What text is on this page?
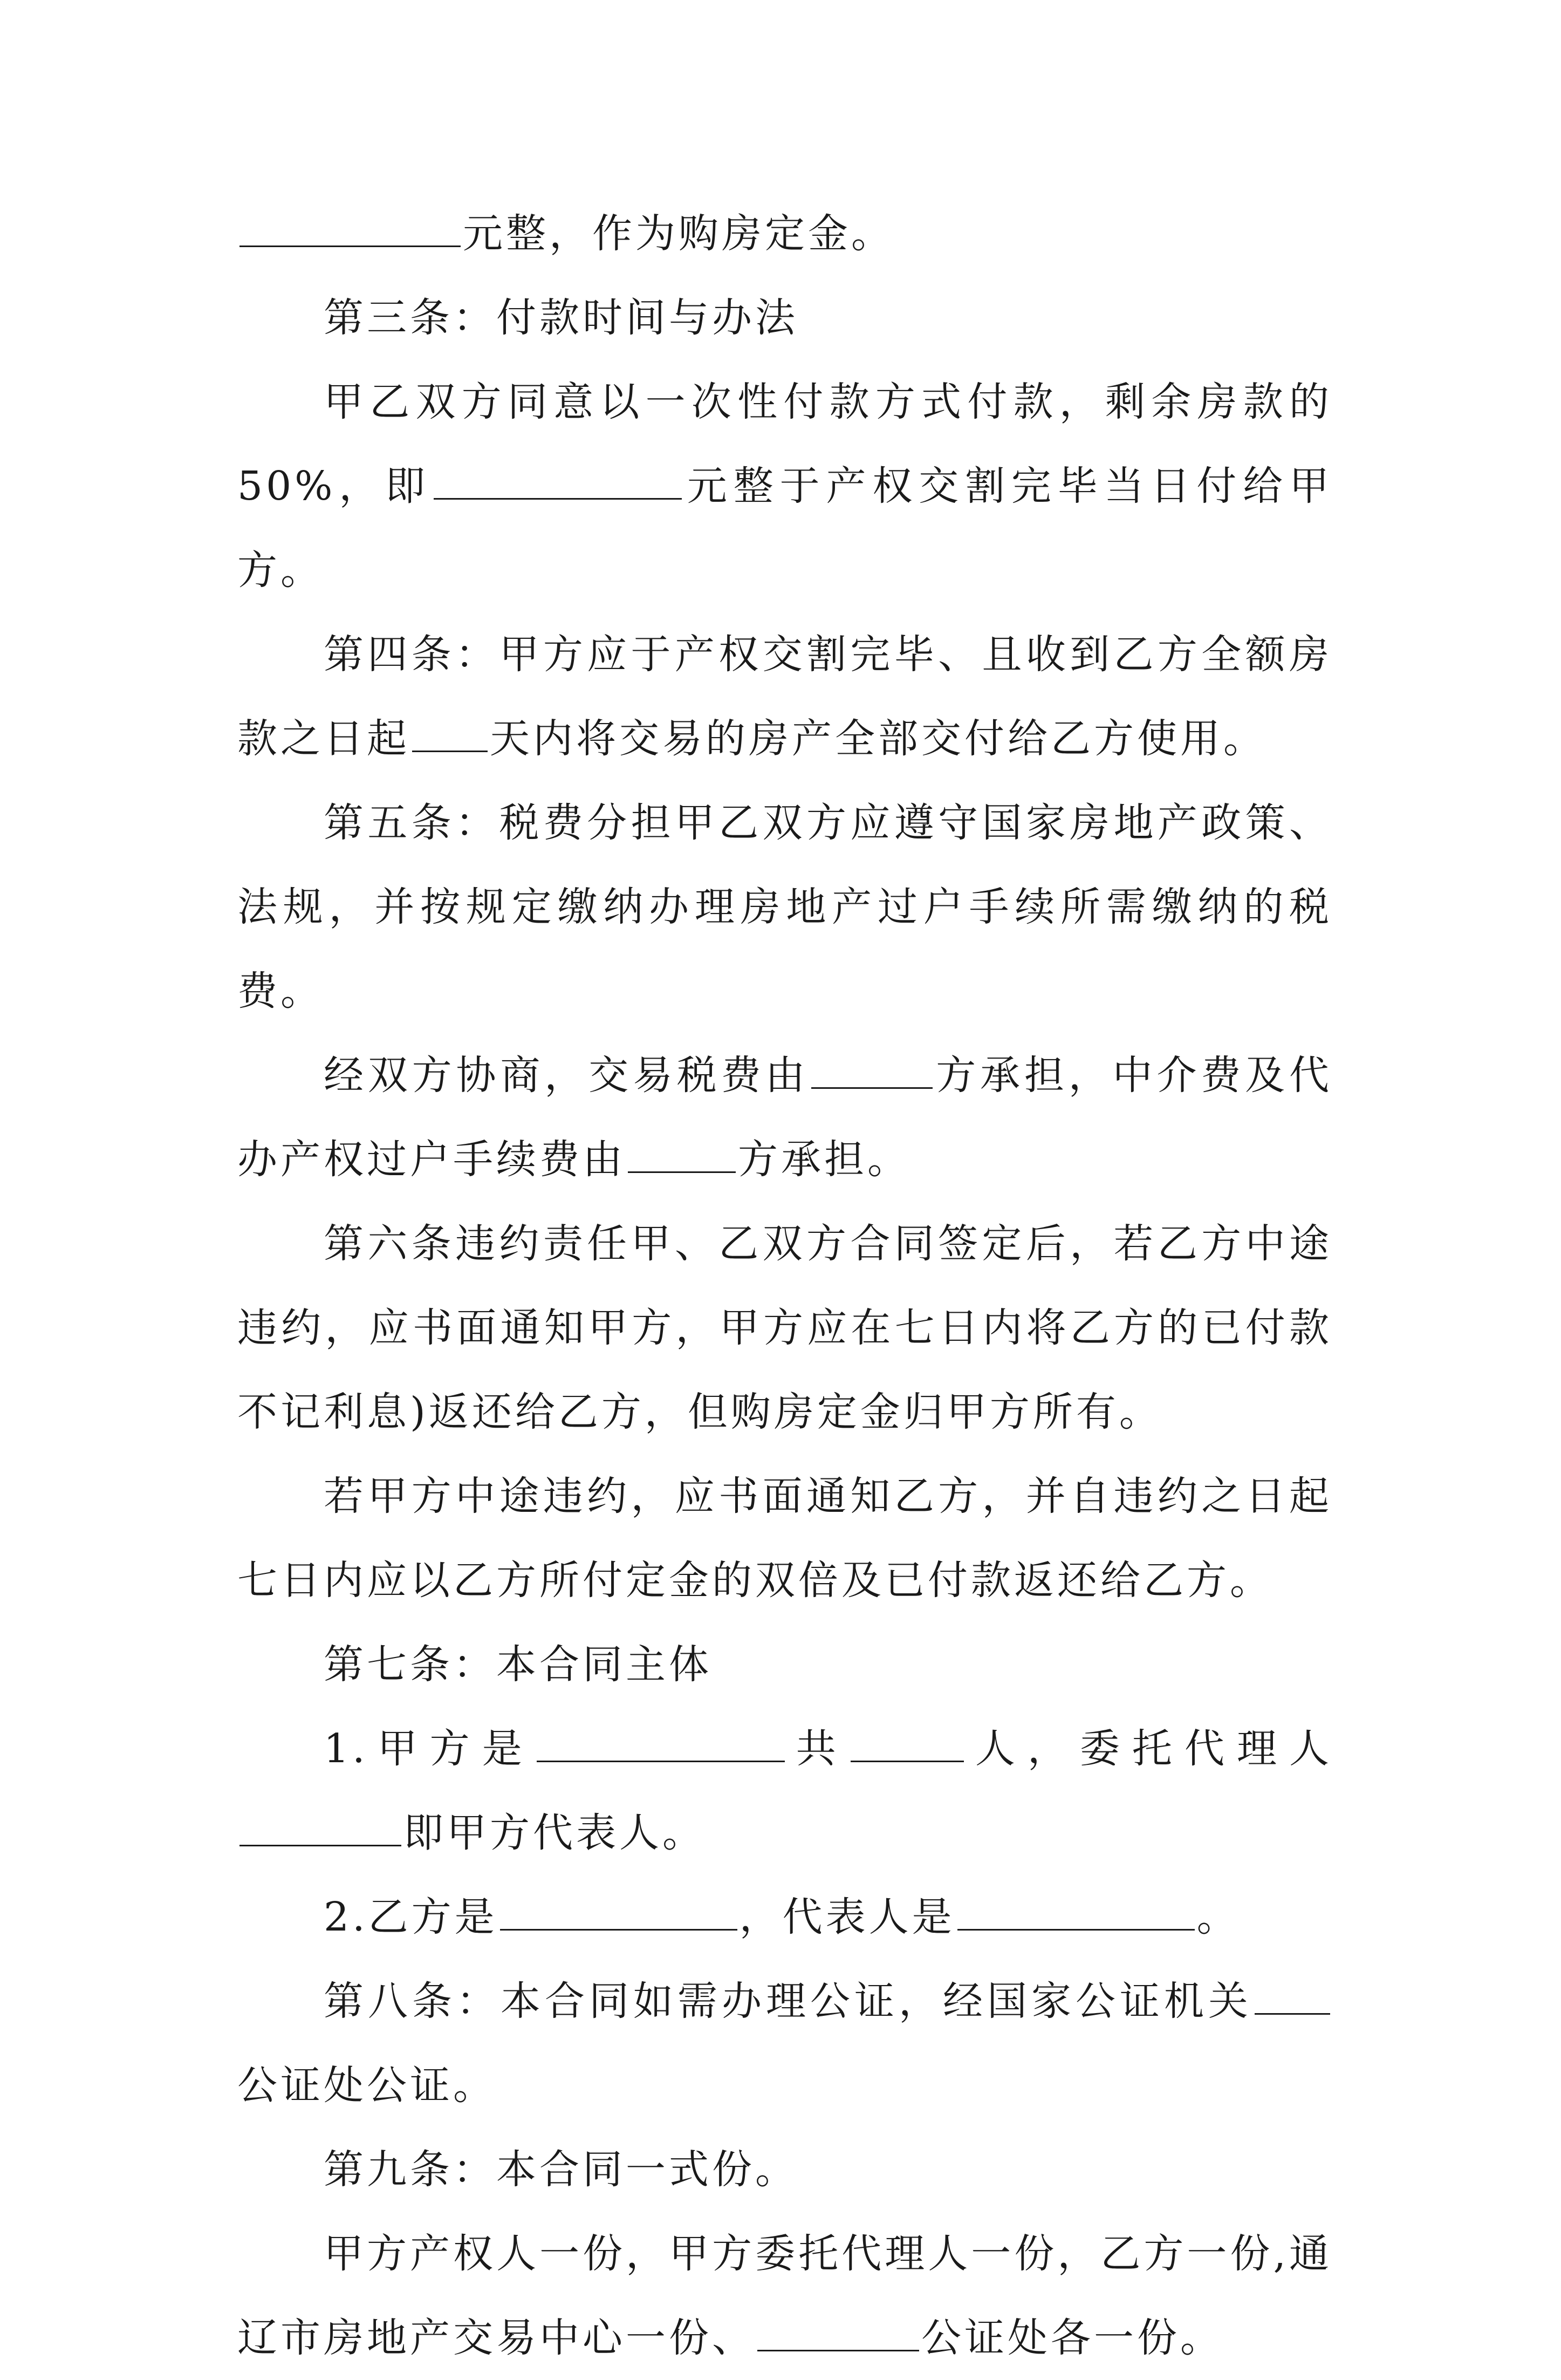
元整，作为购房定金。

第三条：付款时间与办法

甲乙双方同意以一次性付款方式付款，剩余房款的50%，即	元整于产权交割完毕当日付给甲方。

第四条：甲方应于产权交割完毕、且收到乙方全额房款之日起 天内将交易的房产全部交付给乙方使用。

第五条：税费分担甲乙双方应遵守国家房地产政策、法规，并按规定缴纳办理房地产过户手续所需缴纳的税费。

经双方协商，交易税费由	方承担，中介费及代办产权过户手续费由	方承担。

第六条违约责任甲、乙双方合同签定后，若乙方中途违约，应书面通知甲方，甲方应在七日内将乙方的已付款不记利息)返还给乙方，但购房定金归甲方所有。

若甲方中途违约，应书面通知乙方，并自违约之日起七日内应以乙方所付定金的双倍及已付款返还给乙方。

第七条：本合同主体

1.甲方是	共	人，委托代理人即甲方代表人。

2.乙方是	，代表人是	。

第八条：本合同如需办理公证，经国家公证机关公证处公证。

第九条：本合同一式份。

甲方产权人一份，甲方委托代理人一份，乙方一份,通辽市房地产交易中心一份、	公证处各一份。
